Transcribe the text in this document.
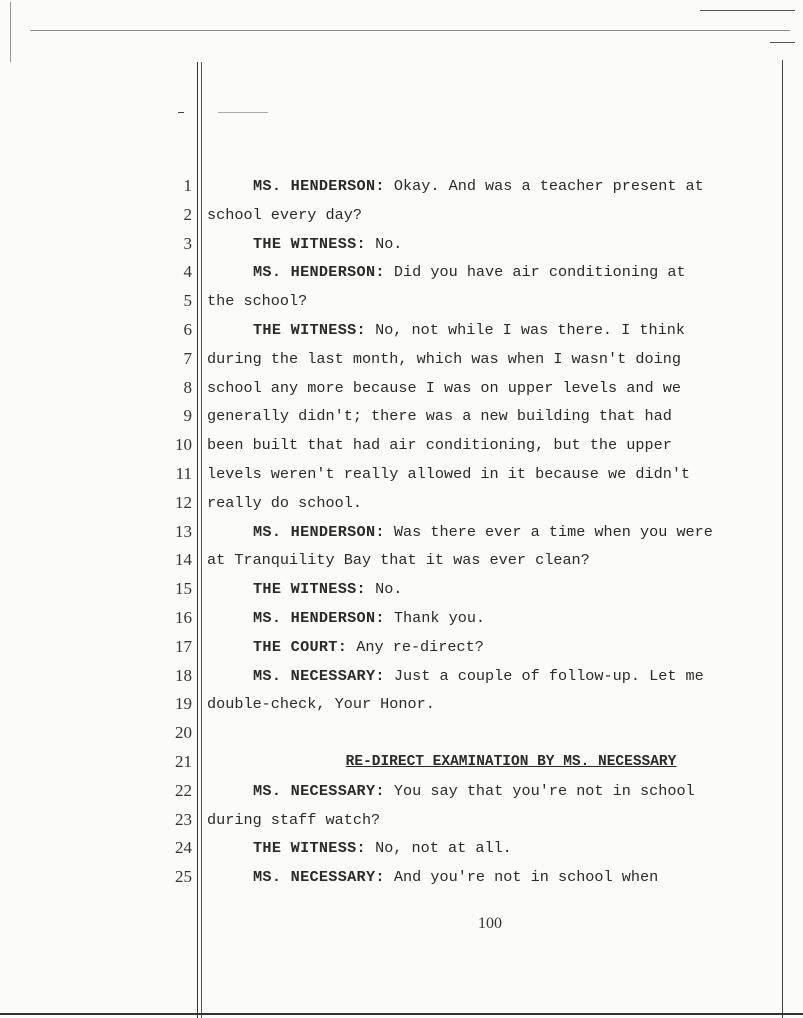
1
2
3
4
5
6
7
8
9
10
11
12
13
14
15
16
17
18
19
20
21
22
23
24
25
MS. HENDERSON: Okay. And was a teacher present at
school every day?
THE WITNESS: No.
MS. HENDERSON: Did you have air conditioning at
the school?
THE WITNESS: No, not while I was there. I think
during the last month, which was when I wasn't doing
school any more because I was on upper levels and we
generally didn't; there was a new building that had
been built that had air conditioning, but the upper
levels weren't really allowed in it because we didn't
really do school.
MS. HENDERSON: Was there ever a time when you were
at Tranquility Bay that it was ever clean?
THE WITNESS: No.
MS. HENDERSON: Thank you.
THE COURT: Any re-direct?
MS. NECESSARY: Just a couple of follow-up. Let me
double-check, Your Honor.
RE-DIRECT EXAMINATION BY MS. NECESSARY
MS. NECESSARY: You say that you're not in school
during staff watch?
THE WITNESS: No, not at all.
MS. NECESSARY: And you're not in school when
100
